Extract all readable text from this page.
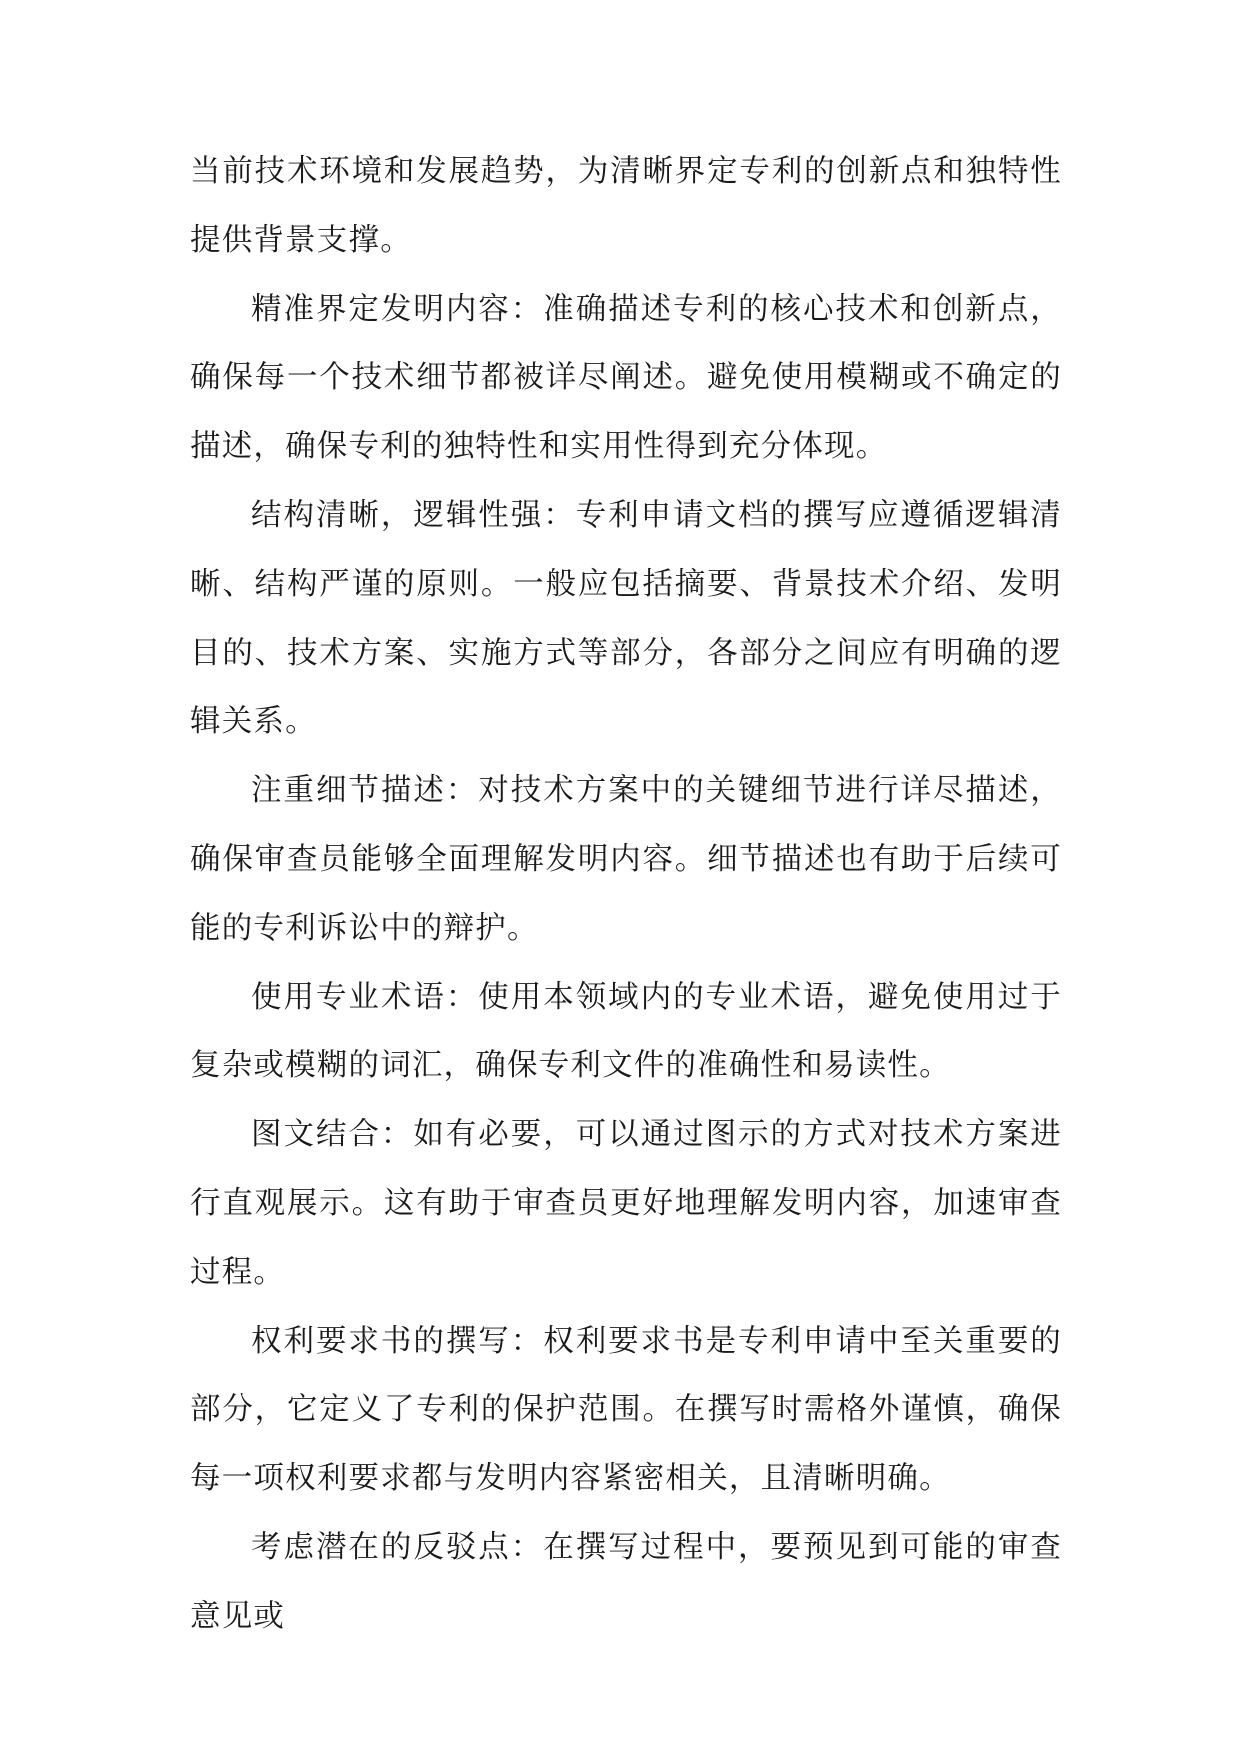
当前技术环境和发展趋势，为清晰界定专利的创新点和独特性提供背景支撑。

精准界定发明内容：准确描述专利的核心技术和创新点，确保每一个技术细节都被详尽阐述。避免使用模糊或不确定的描述，确保专利的独特性和实用性得到充分体现。

结构清晰，逻辑性强：专利申请文档的撰写应遵循逻辑清晰、结构严谨的原则。一般应包括摘要、背景技术介绍、发明目的、技术方案、实施方式等部分，各部分之间应有明确的逻辑关系。

注重细节描述：对技术方案中的关键细节进行详尽描述，确保审查员能够全面理解发明内容。细节描述也有助于后续可能的专利诉讼中的辩护。

使用专业术语：使用本领域内的专业术语，避免使用过于复杂或模糊的词汇，确保专利文件的准确性和易读性。

图文结合：如有必要，可以通过图示的方式对技术方案进行直观展示。这有助于审查员更好地理解发明内容，加速审查过程。

权利要求书的撰写：权利要求书是专利申请中至关重要的部分，它定义了专利的保护范围。在撰写时需格外谨慎，确保每一项权利要求都与发明内容紧密相关，且清晰明确。

考虑潜在的反驳点：在撰写过程中，要预见到可能的审查意见或
